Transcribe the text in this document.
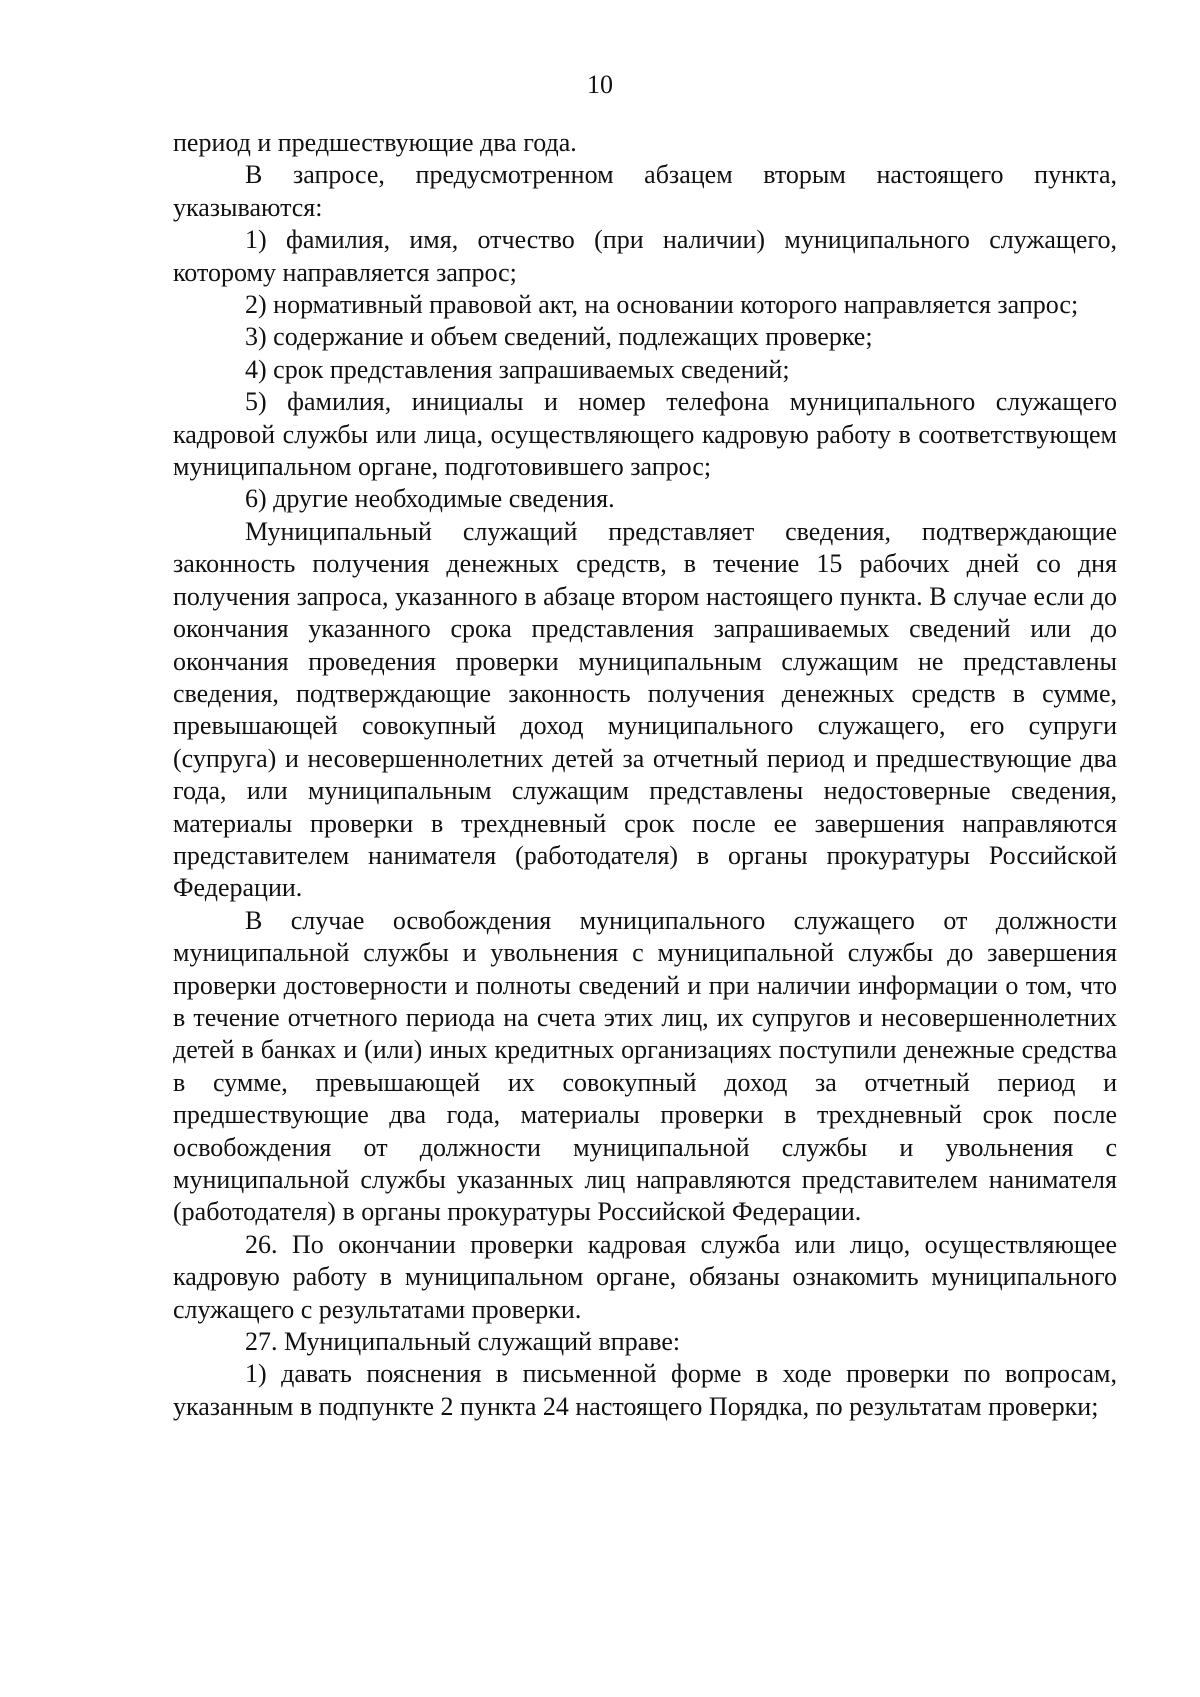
10

период и предшествующие два года.

В запросе, предусмотренном абзацем вторым настоящего пункта, указываются:

1) фамилия, имя, отчество (при наличии) муниципального служащего, которому направляется запрос;

2) нормативный правовой акт, на основании которого направляется запрос;

3) содержание и объем сведений, подлежащих проверке;

4) срок представления запрашиваемых сведений;

5) фамилия, инициалы и номер телефона муниципального служащего кадровой службы или лица, осуществляющего кадровую работу в соответствующем муниципальном органе, подготовившего запрос;

6) другие необходимые сведения.

Муниципальный служащий представляет сведения, подтверждающие законность получения денежных средств, в течение 15 рабочих дней со дня получения запроса, указанного в абзаце втором настоящего пункта. В случае если до окончания указанного срока представления запрашиваемых сведений или до окончания проведения проверки муниципальным служащим не представлены сведения, подтверждающие законность получения денежных средств в сумме, превышающей совокупный доход муниципального служащего, его супруги (супруга) и несовершеннолетних детей за отчетный период и предшествующие два года, или муниципальным служащим представлены недостоверные сведения, материалы проверки в трехдневный срок после ее завершения направляются представителем нанимателя (работодателя) в органы прокуратуры Российской Федерации.

В случае освобождения муниципального служащего от должности муниципальной службы и увольнения с муниципальной службы до завершения проверки достоверности и полноты сведений и при наличии информации о том, что в течение отчетного периода на счета этих лиц, их супругов и несовершеннолетних детей в банках и (или) иных кредитных организациях поступили денежные средства в сумме, превышающей их совокупный доход за отчетный период и предшествующие два года, материалы проверки в трехдневный срок после освобождения от должности муниципальной службы и увольнения с муниципальной службы указанных лиц направляются представителем нанимателя (работодателя) в органы прокуратуры Российской Федерации.

26. По окончании проверки кадровая служба или лицо, осуществляющее кадровую работу в муниципальном органе, обязаны ознакомить муниципального служащего с результатами проверки.

27. Муниципальный служащий вправе:

1) давать пояснения в письменной форме в ходе проверки по вопросам, указанным в подпункте 2 пункта 24 настоящего Порядка, по результатам проверки;
